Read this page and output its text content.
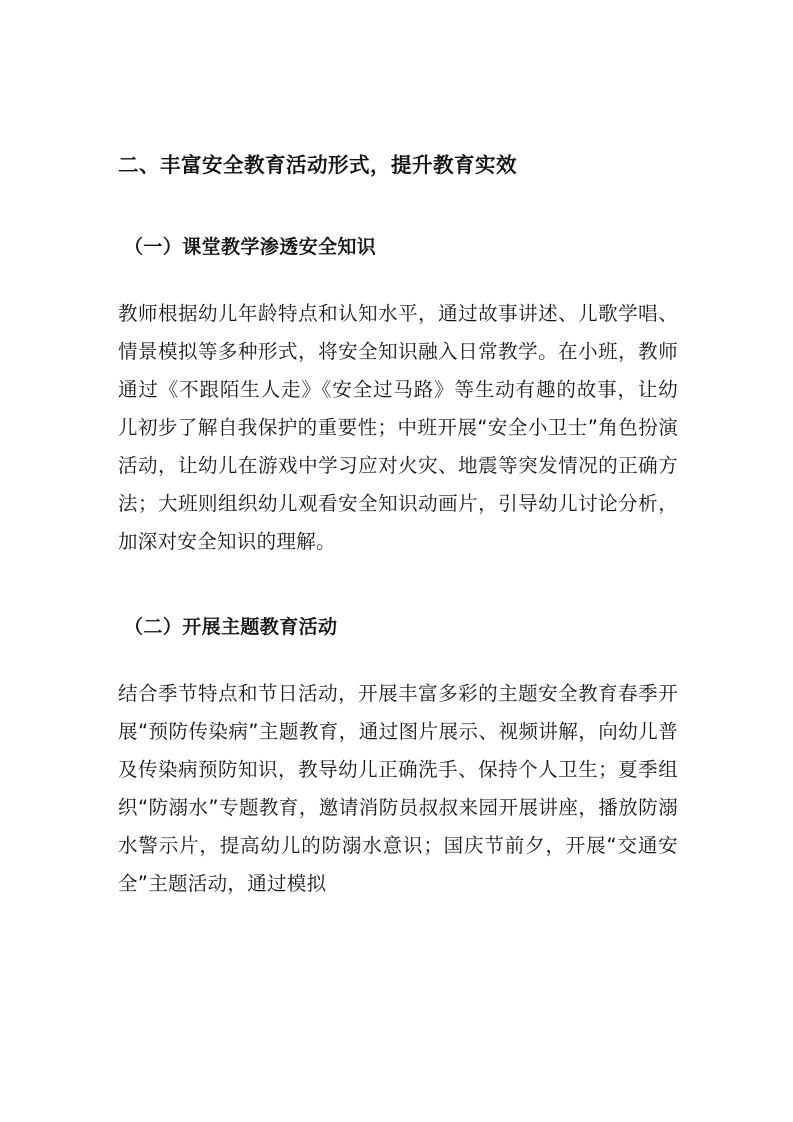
二、丰富安全教育活动形式，提升教育实效
（一）课堂教学渗透安全知识

教师根据幼儿年龄特点和认知水平，通过故事讲述、儿歌学唱、情景模拟等多种形式，将安全知识融入日常教学。在小班，教师通过《不跟陌生人走》《安全过马路》等生动有趣的故事，让幼儿初步了解自我保护的重要性；中班开展“安全小卫士”角色扮演活动，让幼儿在游戏中学习应对火灾、地震等突发情况的正确方法；大班则组织幼儿观看安全知识动画片，引导幼儿讨论分析，加深对安全知识的理解。

（二）开展主题教育活动

结合季节特点和节日活动，开展丰富多彩的主题安全教育春季开展“预防传染病”主题教育，通过图片展示、视频讲解，向幼儿普及传染病预防知识，教导幼儿正确洗手、保持个人卫生；夏季组织“防溺水”专题教育，邀请消防员叔叔来园开展讲座，播放防溺水警示片，提高幼儿的防溺水意识；国庆节前夕，开展“交通安全”主题活动，通过模拟
